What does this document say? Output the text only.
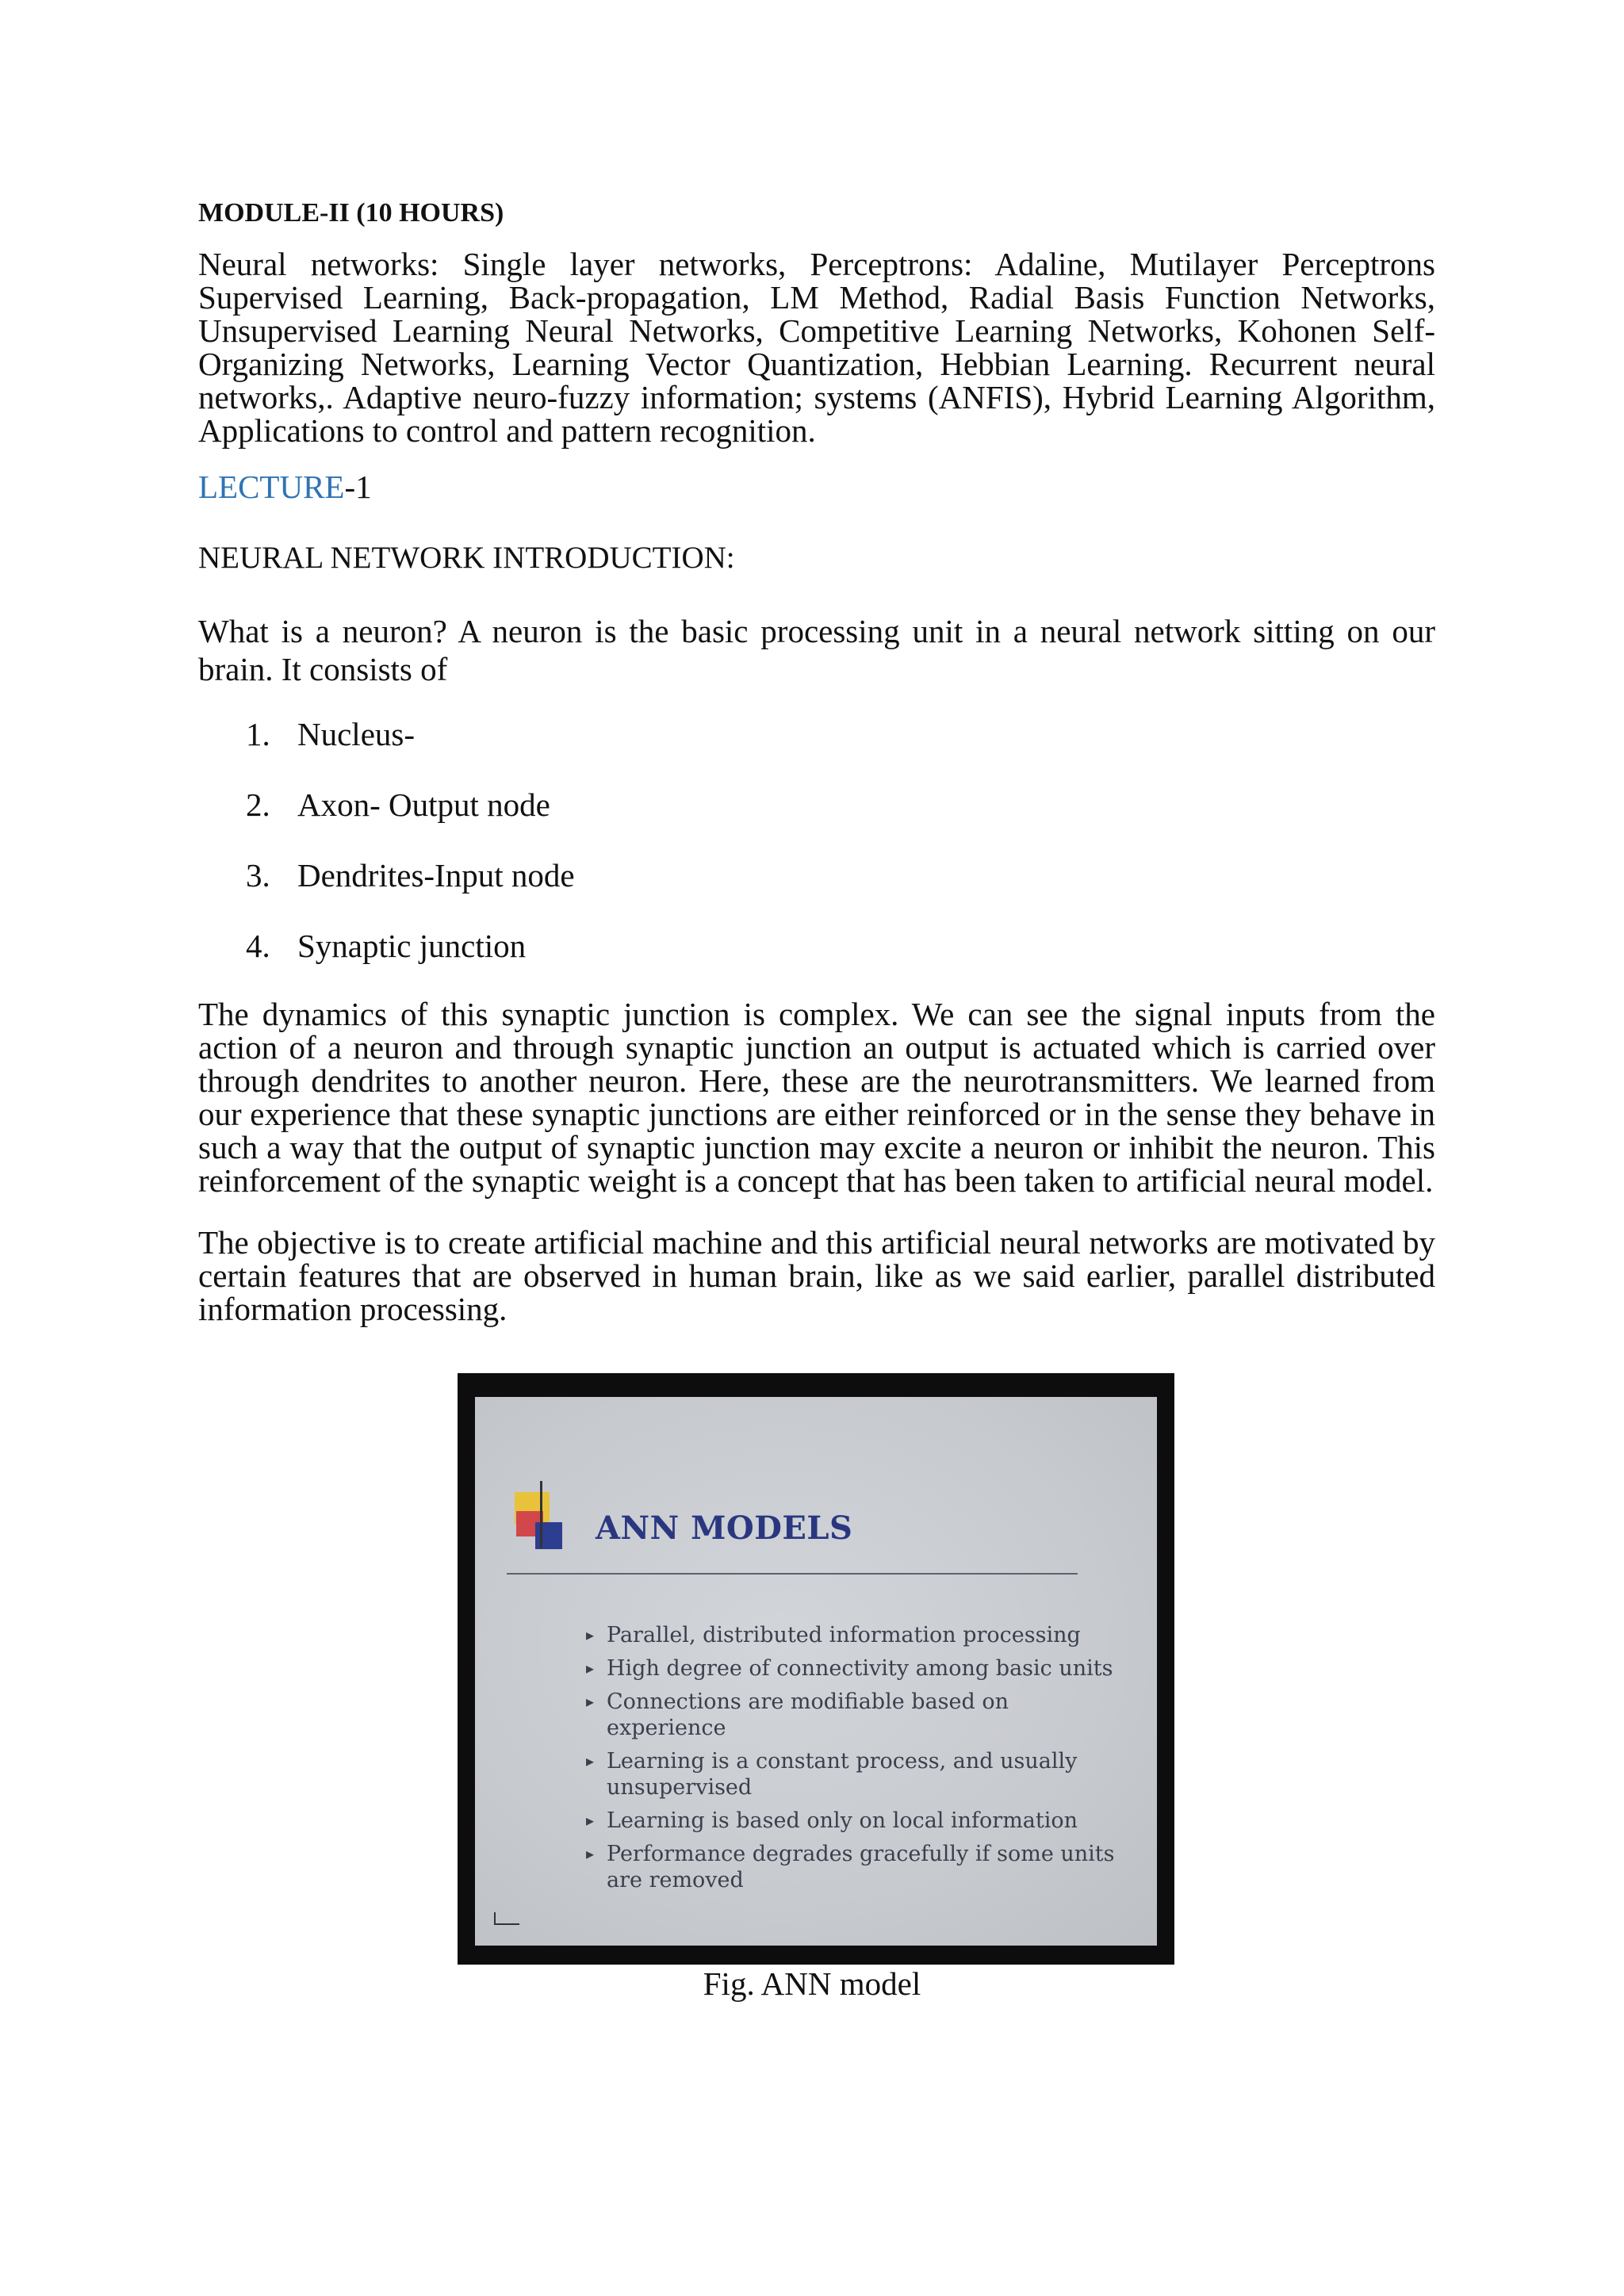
MODULE-II (10 HOURS)

Neural networks: Single layer networks, Perceptrons: Adaline, Mutilayer Perceptrons Supervised Learning, Back-propagation, LM Method, Radial Basis Function Networks, Unsupervised Learning Neural Networks, Competitive Learning Networks, Kohonen Self-Organizing Networks, Learning Vector Quantization, Hebbian Learning. Recurrent neural networks,. Adaptive neuro-fuzzy information; systems (ANFIS), Hybrid Learning Algorithm, Applications to control and pattern recognition.

LECTURE-1
NEURAL NETWORK INTRODUCTION:

What is a neuron? A neuron is the basic processing unit in a neural network sitting on our brain. It consists of

1. Nucleus-
2. Axon- Output node
3. Dendrites-Input node
4. Synaptic junction

The dynamics of this synaptic junction is complex. We can see the signal inputs from the action of a neuron and through synaptic junction an output is actuated which is carried over through dendrites to another neuron. Here, these are the neurotransmitters. We learned from our experience that these synaptic junctions are either reinforced or in the sense they behave in such a way that the output of synaptic junction may excite a neuron or inhibit the neuron. This reinforcement of the synaptic weight is a concept that has been taken to artificial neural model.

The objective is to create artificial machine and this artificial neural networks are motivated by certain features that are observed in human brain, like as we said earlier, parallel distributed information processing.

ANN MODELS
▸ Parallel, distributed information processing
▸ High degree of connectivity among basic units
▸ Connections are modifiable based on experience
▸ Learning is a constant process, and usually unsupervised
▸ Learning is based only on local information
▸ Performance degrades gracefully if some units are removed
Fig. ANN model
